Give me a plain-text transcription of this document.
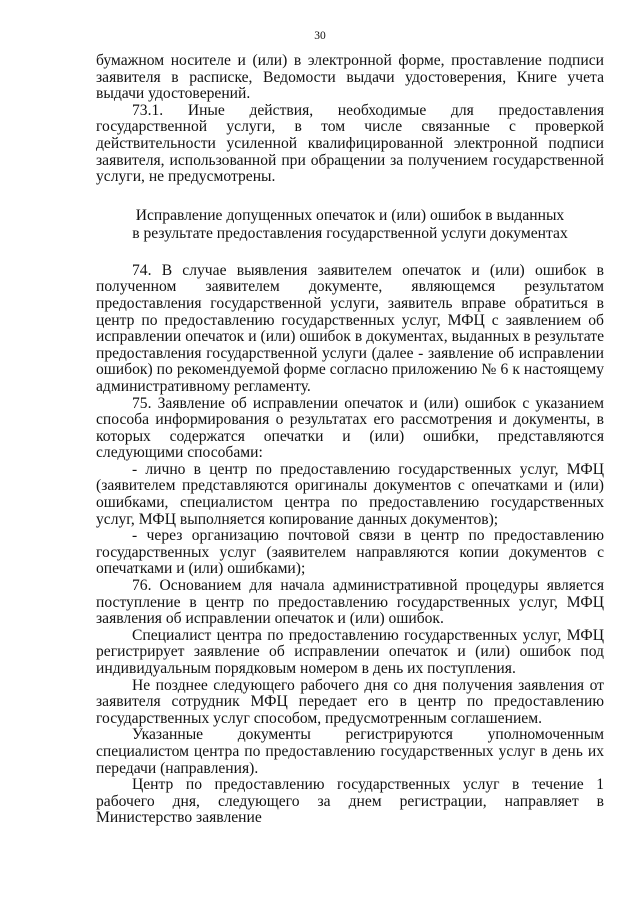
30

бумажном носителе и (или) в электронной форме, проставление подписи заявителя в расписке, Ведомости выдачи удостоверения, Книге учета выдачи удостоверений.

73.1. Иные действия, необходимые для предоставления государственной услуги, в том числе связанные с проверкой действительности усиленной квалифицированной электронной подписи заявителя, использованной при обращении за получением государственной услуги, не предусмотрены.

Исправление допущенных опечаток и (или) ошибок в выданных
в результате предоставления государственной услуги документах

74. В случае выявления заявителем опечаток и (или) ошибок в полученном заявителем документе, являющемся результатом предоставления государственной услуги, заявитель вправе обратиться в центр по предоставлению государственных услуг, МФЦ с заявлением об исправлении опечаток и (или) ошибок в документах, выданных в результате предоставления государственной услуги (далее - заявление об исправлении ошибок) по рекомендуемой форме согласно приложению № 6 к настоящему административному регламенту.

75. Заявление об исправлении опечаток и (или) ошибок с указанием способа информирования о результатах его рассмотрения и документы, в которых содержатся опечатки и (или) ошибки, представляются следующими способами:

- лично в центр по предоставлению государственных услуг, МФЦ (заявителем представляются оригиналы документов с опечатками и (или) ошибками, специалистом центра по предоставлению государственных услуг, МФЦ выполняется копирование данных документов);

- через организацию почтовой связи в центр по предоставлению государственных услуг (заявителем направляются копии документов с опечатками и (или) ошибками);

76. Основанием для начала административной процедуры является поступление в центр по предоставлению государственных услуг, МФЦ заявления об исправлении опечаток и (или) ошибок.

Специалист центра по предоставлению государственных услуг, МФЦ регистрирует заявление об исправлении опечаток и (или) ошибок под индивидуальным порядковым номером в день их поступления.

Не позднее следующего рабочего дня со дня получения заявления от заявителя сотрудник МФЦ передает его в центр по предоставлению государственных услуг способом, предусмотренным соглашением.

Указанные документы регистрируются уполномоченным специалистом центра по предоставлению государственных услуг в день их передачи (направления).

Центр по предоставлению государственных услуг в течение 1 рабочего дня, следующего за днем регистрации, направляет в Министерство заявление
